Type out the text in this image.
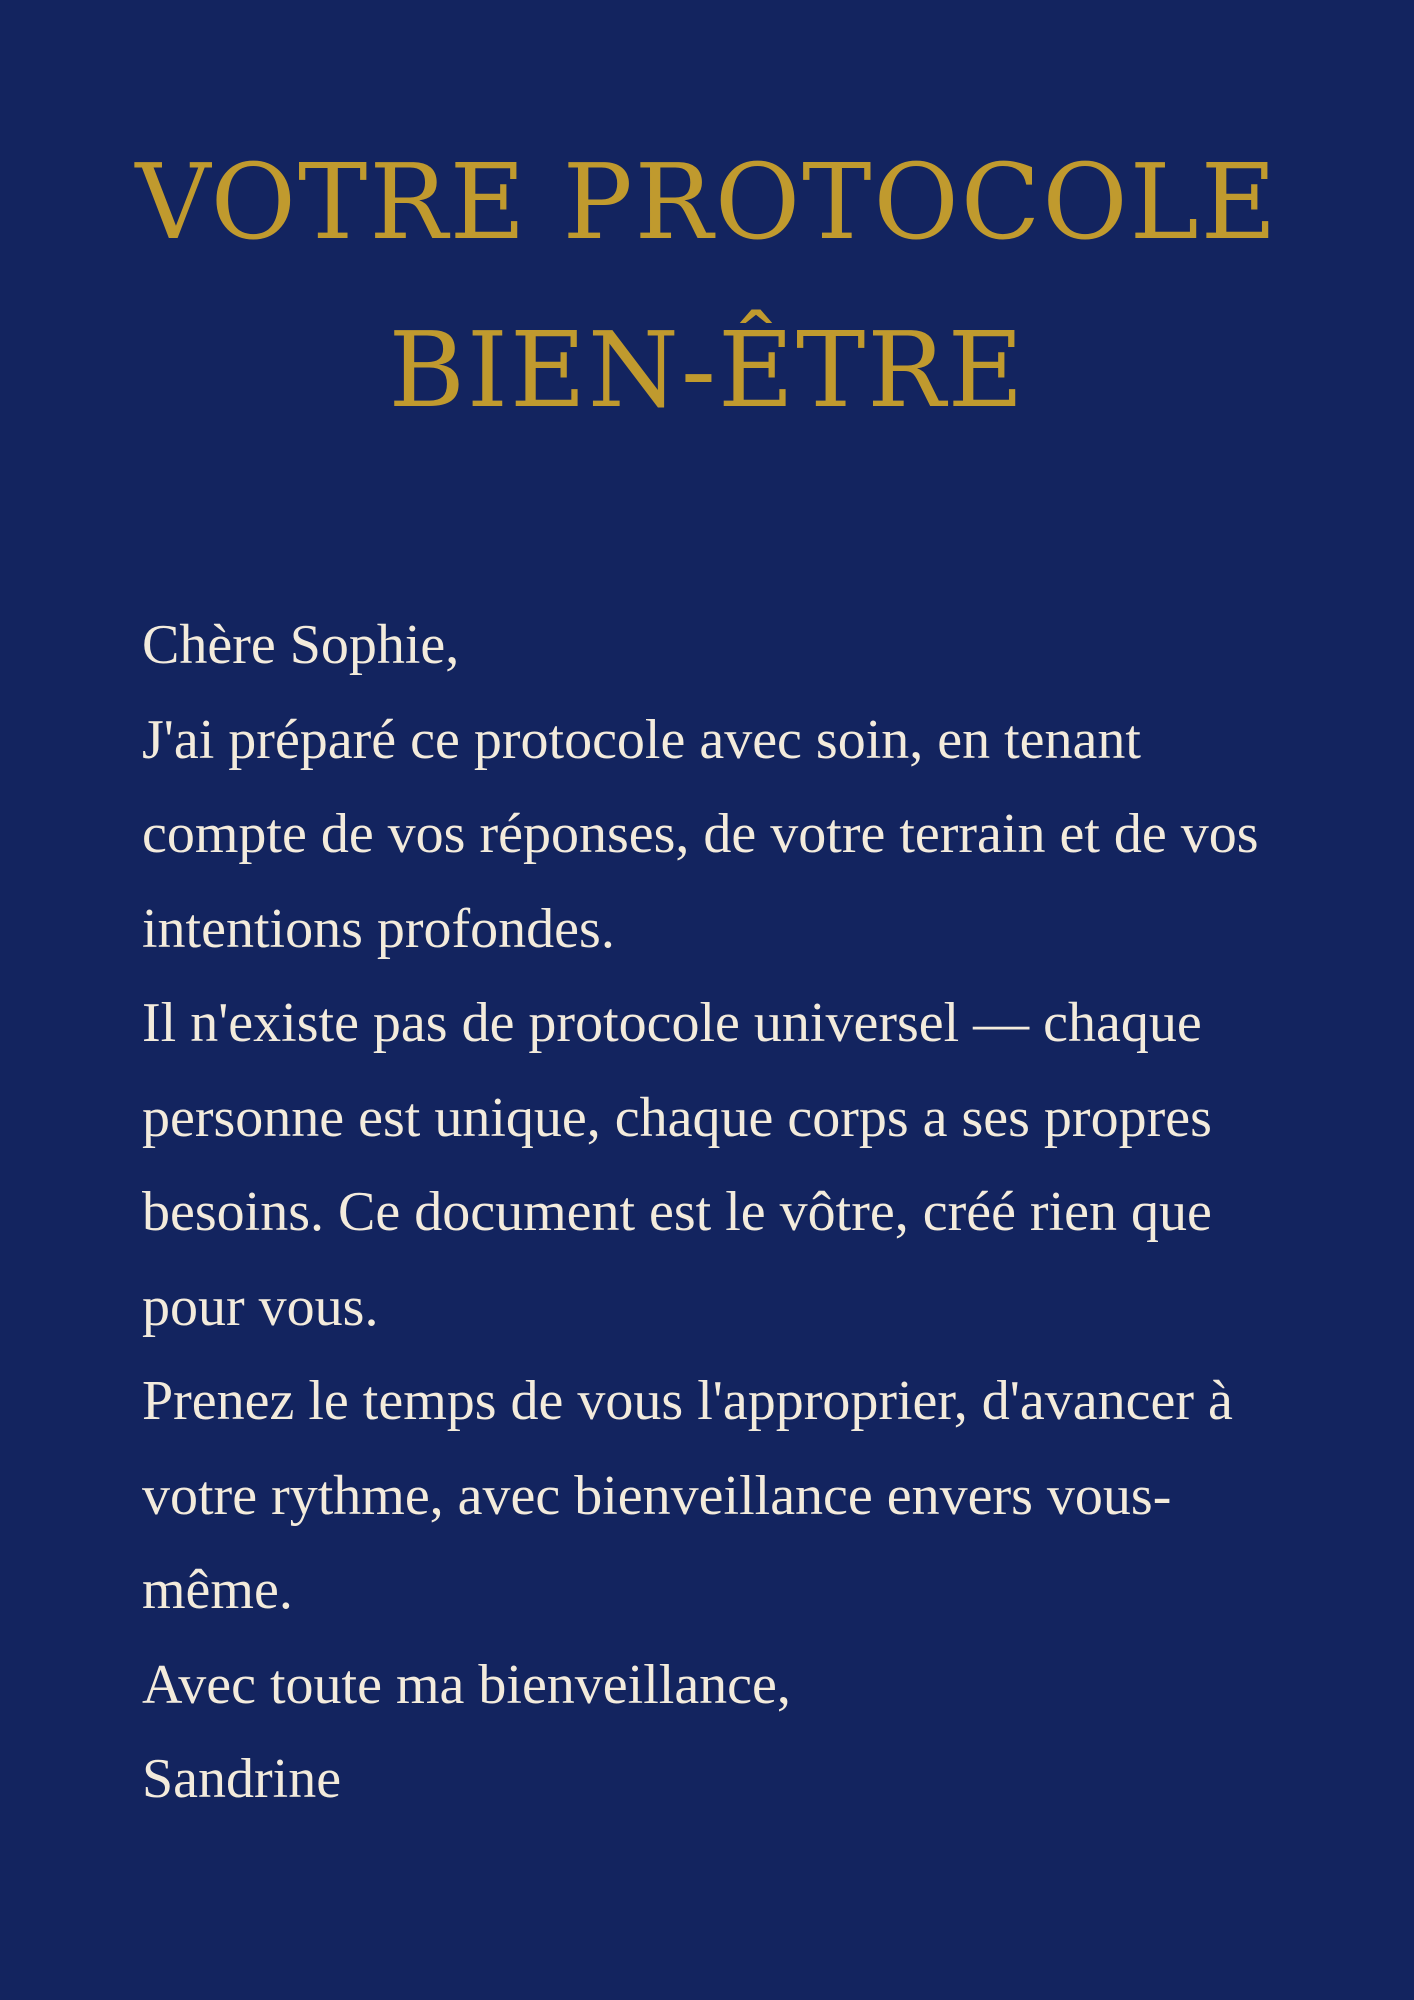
VOTRE PROTOCOLE
BIEN-ÊTRE

Chère Sophie,

J'ai préparé ce protocole avec soin, en tenant compte de vos réponses, de votre terrain et de vos intentions profondes.

Il n'existe pas de protocole universel — chaque personne est unique, chaque corps a ses propres besoins. Ce document est le vôtre, créé rien que pour vous.

Prenez le temps de vous l'approprier, d'avancer à votre rythme, avec bienveillance envers vous-même.

Avec toute ma bienveillance,

Sandrine
